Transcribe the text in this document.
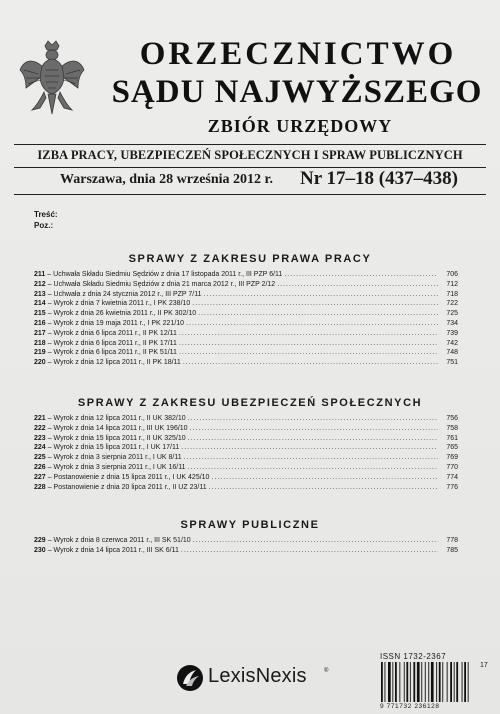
ORZECZNICTWO
SĄDU NAJWYŻSZEGO
ZBIÓR URZĘDOWY
IZBA PRACY, UBEZPIECZEŃ SPOŁECZNYCH I SPRAW PUBLICZNYCH
Warszawa, dnia 28 września 2012 r. Nr 17–18 (437–438)
Treść:
Poz.:
SPRAWY Z ZAKRESU PRAWA PRACY
211 – Uchwała Składu Siedmiu Sędziów z dnia 17 listopada 2011 r., III PZP 6/11 .....	706
212 – Uchwała Składu Siedmiu Sędziów z dnia 21 marca 2012 r., III PZP 2/12 .....	712
213 – Uchwała z dnia 24 stycznia 2012 r., III PZP 7/11 .....	718
214 – Wyrok z dnia 7 kwietnia 2011 r., I PK 238/10 .....	722
215 – Wyrok z dnia 26 kwietnia 2011 r., II PK 302/10 .....	725
216 – Wyrok z dnia 19 maja 2011 r., I PK 221/10 .....	734
217 – Wyrok z dnia 6 lipca 2011 r., II PK 12/11 .....	739
218 – Wyrok z dnia 6 lipca 2011 r., II PK 17/11 .....	742
219 – Wyrok z dnia 6 lipca 2011 r., II PK 51/11 .....	748
220 – Wyrok z dnia 12 lipca 2011 r., II PK 18/11 .....	751
SPRAWY Z ZAKRESU UBEZPIECZEŃ SPOŁECZNYCH
221 – Wyrok z dnia 12 lipca 2011 r., II UK 382/10 .....	756
222 – Wyrok z dnia 14 lipca 2011 r., III UK 196/10 .....	758
223 – Wyrok z dnia 15 lipca 2011 r., II UK 325/10 .....	761
224 – Wyrok z dnia 15 lipca 2011 r., I UK 17/11 .....	765
225 – Wyrok z dnia 3 sierpnia 2011 r., I UK 8/11 .....	769
226 – Wyrok z dnia 3 sierpnia 2011 r., I UK 16/11 .....	770
227 – Postanowienie z dnia 15 lipca 2011 r., I UK 425/10 .....	774
228 – Postanowienie z dnia 20 lipca 2011 r., II UZ 23/11 .....	776
SPRAWY PUBLICZNE
229 – Wyrok z dnia 8 czerwca 2011 r., III SK 51/10 .....	778
230 – Wyrok z dnia 14 lipca 2011 r., III SK 6/11 .....	785
LexisNexis	®
ISSN 1732-2367
9 771732 236128
17
